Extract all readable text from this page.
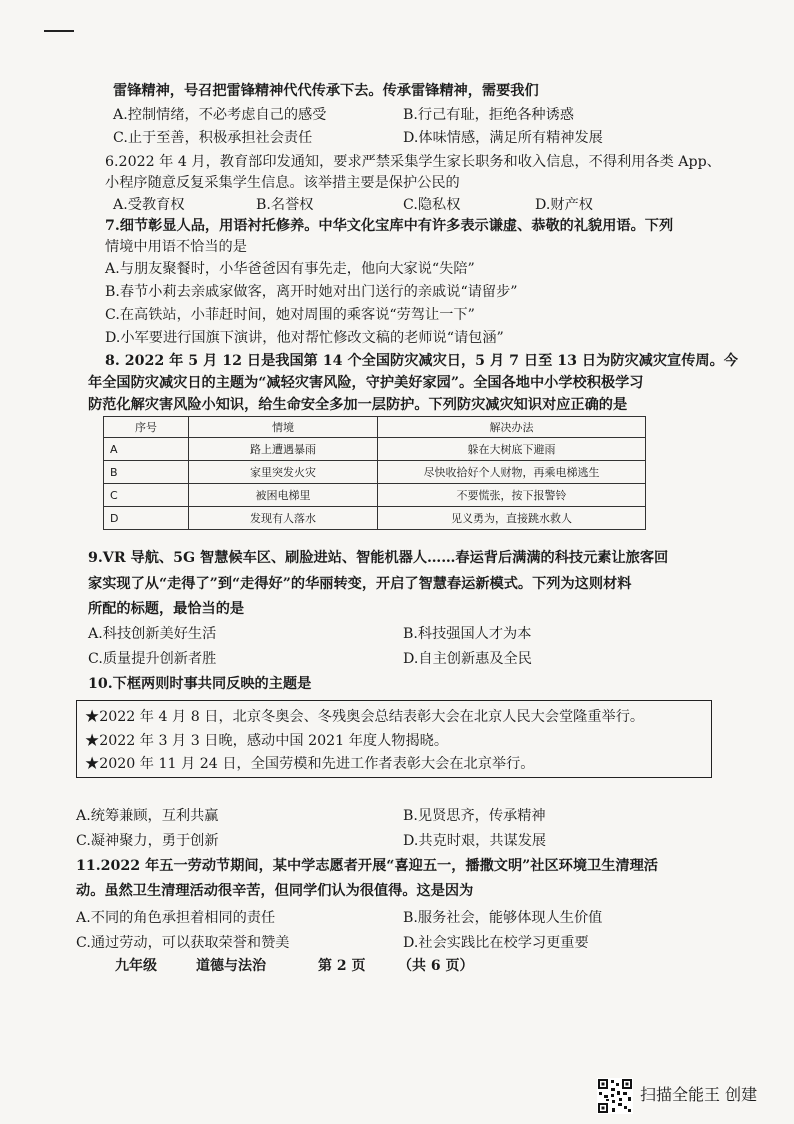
雷锋精神，号召把雷锋精神代代传承下去。传承雷锋精神，需要我们
A.控制情绪，不必考虑自己的感受	B.行己有耻，拒绝各种诱惑
C.止于至善，积极承担社会责任	D.体味情感，满足所有精神发展
6.2022 年 4 月，教育部印发通知，要求严禁采集学生家长职务和收入信息，不得利用各类 App、
小程序随意反复采集学生信息。该举措主要是保护公民的
A.受教育权	B.名誉权	C.隐私权	D.财产权
7.细节彰显人品，用语衬托修养。中华文化宝库中有许多表示谦虚、恭敬的礼貌用语。下列
情境中用语不恰当的是
A.与朋友聚餐时，小华爸爸因有事先走，他向大家说“失陪”
B.春节小莉去亲戚家做客，离开时她对出门送行的亲戚说“请留步”
C.在高铁站，小菲赶时间，她对周围的乘客说“劳驾让一下”
D.小军要进行国旗下演讲，他对帮忙修改文稿的老师说“请包涵”
8. 2022 年 5 月 12 日是我国第 14 个全国防灾减灾日，5 月 7 日至 13 日为防灾减灾宣传周。今
年全国防灾减灾日的主题为“减轻灾害风险，守护美好家园”。全国各地中小学校积极学习
防范化解灾害风险小知识，给生命安全多加一层防护。下列防灾减灾知识对应正确的是
序号	情境	解决办法
A	路上遭遇暴雨	躲在大树底下避雨
B	家里突发火灾	尽快收拾好个人财物，再乘电梯逃生
C	被困电梯里	不要慌张，按下报警铃
D	发现有人落水	见义勇为，直接跳水救人
9.VR 导航、5G 智慧候车区、刷脸进站、智能机器人……春运背后满满的科技元素让旅客回
家实现了从“走得了”到“走得好”的华丽转变，开启了智慧春运新模式。下列为这则材料
所配的标题，最恰当的是
A.科技创新美好生活	B.科技强国人才为本
C.质量提升创新者胜	D.自主创新惠及全民
10.下框两则时事共同反映的主题是
★2022 年 4 月 8 日，北京冬奥会、冬残奥会总结表彰大会在北京人民大会堂隆重举行。
★2022 年 3 月 3 日晚，感动中国 2021 年度人物揭晓。
★2020 年 11 月 24 日，全国劳模和先进工作者表彰大会在北京举行。
A.统筹兼顾，互利共赢	B.见贤思齐，传承精神
C.凝神聚力，勇于创新	D.共克时艰，共谋发展
11.2022 年五一劳动节期间，某中学志愿者开展“喜迎五一，播撒文明”社区环境卫生清理活
动。虽然卫生清理活动很辛苦，但同学们认为很值得。这是因为
A.不同的角色承担着相同的责任	B.服务社会，能够体现人生价值
C.通过劳动，可以获取荣誉和赞美	D.社会实践比在校学习更重要
九年级	道德与法治	第 2 页 （共 6 页）
扫描全能王 创建
